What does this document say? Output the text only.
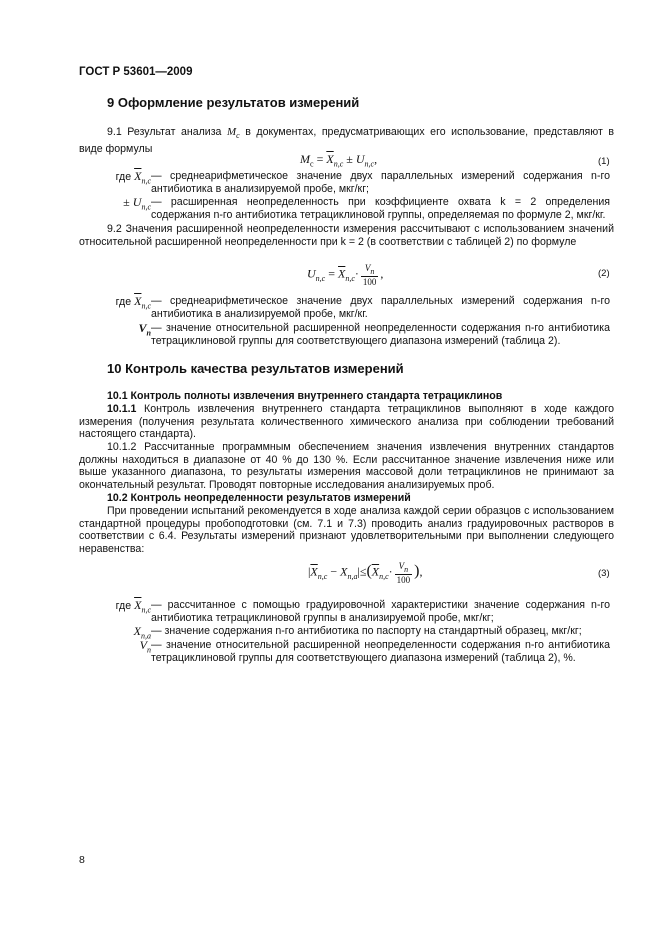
ГОСТ Р 53601—2009
9 Оформление результатов измерений
9.1 Результат анализа $M_c$ в документах, предусматривающих его использование, представляют в виде формулы
$M_c = \overline{X}_{n,c} \pm U_{n,c}$,	(1)
где $\overline{X}_{n,c}—$ среднеарифметическое значение двух параллельных измерений содержания n-го антибиотика в анализируемой пробе, мкг/кг;
± $U_{n,c}—$ расширенная неопределенность при коэффициенте охвата k = 2 определения содержания n-го антибиотика тетрациклиновой группы, определяемая по формуле 2, мкг/кг.
9.2 Значения расширенной неопределенности измерения рассчитывают с использованием значений относительной расширенной неопределенности при k = 2 (в соответствии с таблицей 2) по формуле
$U_{n,c} = \overline{X}_{n,c}\cdot \frac{V_n}{100}$ ,	(2)
где $\overline{X}_{n,c}—$ среднеарифметическое значение двух параллельных измерений содержания n-го антибиотика в анализируемой пробе, мкг/кг.
$V_n—$ значение относительной расширенной неопределенности содержания n-го антибиотика тетрациклиновой группы для соответствующего диапазона измерений (таблица 2).
10 Контроль качества результатов измерений
10.1 Контроль полноты извлечения внутреннего стандарта тетрациклинов
10.1.1 Контроль извлечения внутреннего стандарта тетрациклинов выполняют в ходе каждого измерения (получения результата количественного химического анализа при соблюдении требований настоящего стандарта).
10.1.2 Рассчитанные программным обеспечением значения извлечения внутренних стандартов должны находиться в диапазоне от 40 % до 130 %. Если рассчитанное значение извлечения ниже или выше указанного диапазона, то результаты измерения массовой доли тетрациклинов не принимают за окончательный результат. Проводят повторные исследования анализируемых проб.
10.2 Контроль неопределенности результатов измерений
При проведении испытаний рекомендуется в ходе анализа каждой серии образцов с использованием стандартной процедуры пробоподготовки (см. 7.1 и 7.3) проводить анализ градуировочных растворов в соответствии с 6.4. Результаты измерений признают удовлетворительными при выполнении следующего неравенства:
$|\overline{X}_{n,c} - X_{n,a}|\le(\overline{X}_{n,c}\cdot \frac{V_n}{100}$ ),	(3)
где $\overline{X}_{n,c}—$ рассчитанное с помощью градуировочной характеристики значение содержания n-го антибиотика тетрациклиновой группы в анализируемой пробе, мкг/кг;
$X_{n,a}—$ значение содержания n-го антибиотика по паспорту на стандартный образец, мкг/кг;
$V_n—$ значение относительной расширенной неопределенности содержания n-го антибиотика тетрациклиновой группы для соответствующего диапазона измерений (таблица 2), %.
8
